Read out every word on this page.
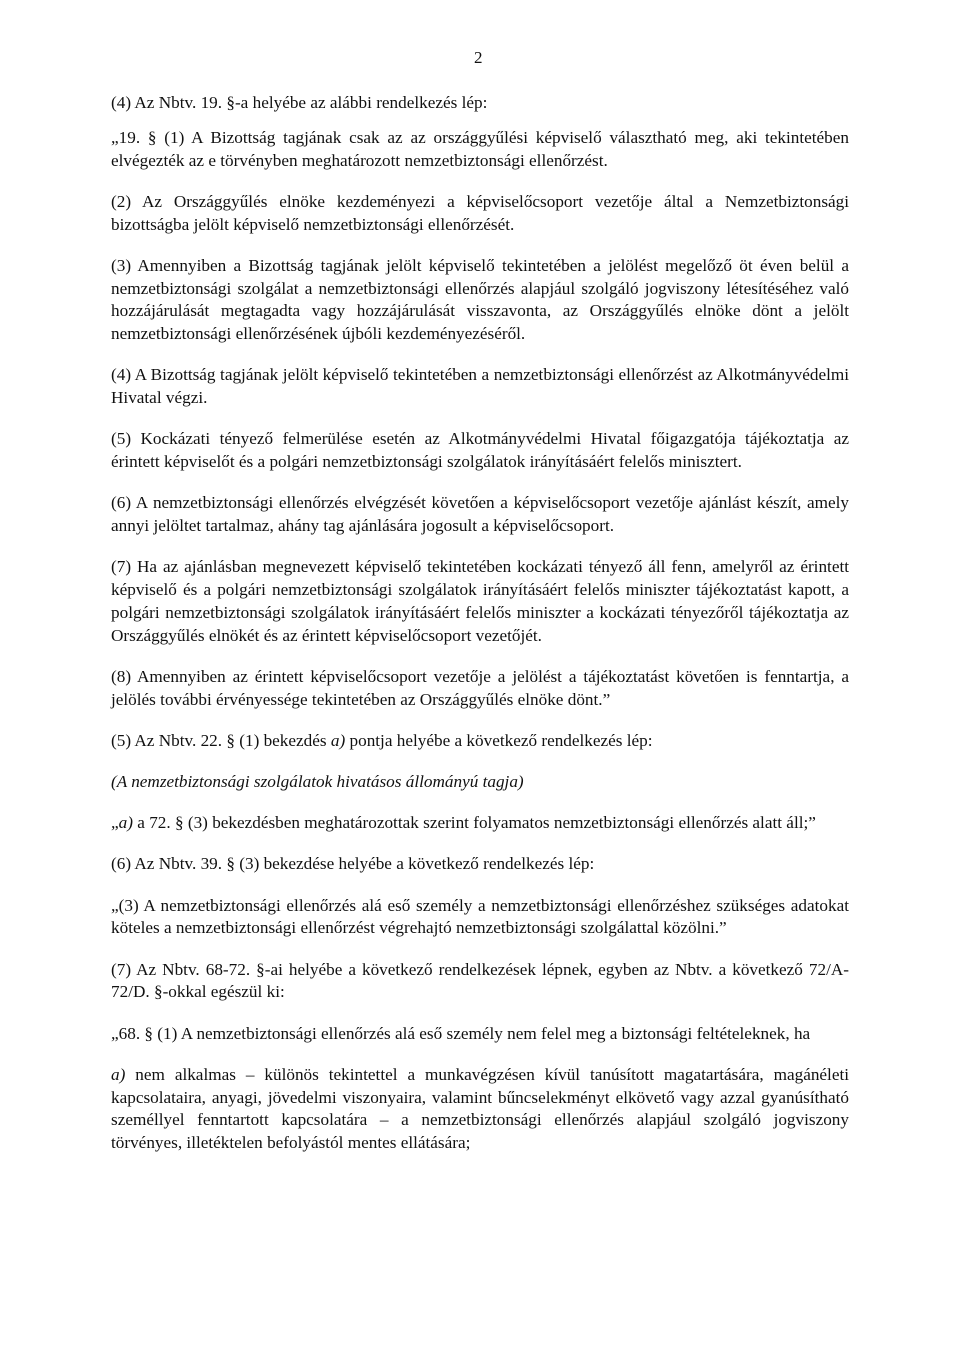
2

(4) Az Nbtv. 19. §-a helyébe az alábbi rendelkezés lép:

„19. § (1) A Bizottság tagjának csak az az országgyűlési képviselő választható meg, aki tekintetében elvégezték az e törvényben meghatározott nemzetbiztonsági ellenőrzést.

(2) Az Országgyűlés elnöke kezdeményezi a képviselőcsoport vezetője által a Nemzetbiztonsági bizottságba jelölt képviselő nemzetbiztonsági ellenőrzését.

(3) Amennyiben a Bizottság tagjának jelölt képviselő tekintetében a jelölést megelőző öt éven belül a nemzetbiztonsági szolgálat a nemzetbiztonsági ellenőrzés alapjául szolgáló jogviszony létesítéséhez való hozzájárulását megtagadta vagy hozzájárulását visszavonta, az Országgyűlés elnöke dönt a jelölt nemzetbiztonsági ellenőrzésének újbóli kezdeményezéséről.

(4) A Bizottság tagjának jelölt képviselő tekintetében a nemzetbiztonsági ellenőrzést az Alkotmányvédelmi Hivatal végzi.

(5) Kockázati tényező felmerülése esetén az Alkotmányvédelmi Hivatal főigazgatója tájékoztatja az érintett képviselőt és a polgári nemzetbiztonsági szolgálatok irányításáért felelős minisztert.

(6) A nemzetbiztonsági ellenőrzés elvégzését követően a képviselőcsoport vezetője ajánlást készít, amely annyi jelöltet tartalmaz, ahány tag ajánlására jogosult a képviselőcsoport.

(7) Ha az ajánlásban megnevezett képviselő tekintetében kockázati tényező áll fenn, amelyről az érintett képviselő és a polgári nemzetbiztonsági szolgálatok irányításáért felelős miniszter tájékoztatást kapott, a polgári nemzetbiztonsági szolgálatok irányításáért felelős miniszter a kockázati tényezőről tájékoztatja az Országgyűlés elnökét és az érintett képviselőcsoport vezetőjét.

(8) Amennyiben az érintett képviselőcsoport vezetője a jelölést a tájékoztatást követően is fenntartja, a jelölés további érvényessége tekintetében az Országgyűlés elnöke dönt.”

(5) Az Nbtv. 22. § (1) bekezdés a) pontja helyébe a következő rendelkezés lép:

(A nemzetbiztonsági szolgálatok hivatásos állományú tagja)

„a) a 72. § (3) bekezdésben meghatározottak szerint folyamatos nemzetbiztonsági ellenőrzés alatt áll;”

(6) Az Nbtv. 39. § (3) bekezdése helyébe a következő rendelkezés lép:

„(3) A nemzetbiztonsági ellenőrzés alá eső személy a nemzetbiztonsági ellenőrzéshez szükséges adatokat köteles a nemzetbiztonsági ellenőrzést végrehajtó nemzetbiztonsági szolgálattal közölni.”

(7) Az Nbtv. 68-72. §-ai helyébe a következő rendelkezések lépnek, egyben az Nbtv. a következő 72/A-72/D. §-okkal egészül ki:

„68. § (1) A nemzetbiztonsági ellenőrzés alá eső személy nem felel meg a biztonsági feltételeknek, ha

a) nem alkalmas – különös tekintettel a munkavégzésen kívül tanúsított magatartására, magánéleti kapcsolataira, anyagi, jövedelmi viszonyaira, valamint bűncselekményt elkövető vagy azzal gyanúsítható személlyel fenntartott kapcsolatára – a nemzetbiztonsági ellenőrzés alapjául szolgáló jogviszony törvényes, illetéktelen befolyástól mentes ellátására;
